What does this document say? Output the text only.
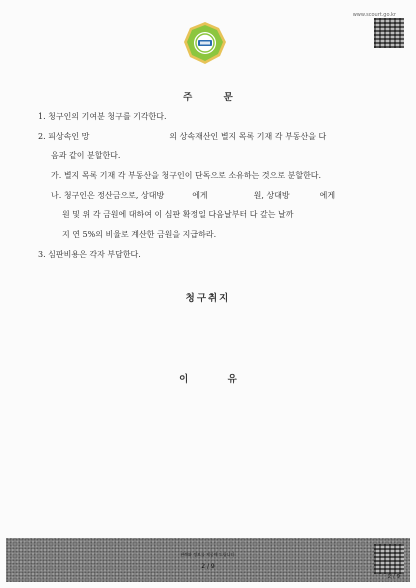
www.scourt.go.kr
주 문
1. 청구인의 기여분 청구를 기각한다.
2. 피상속인 망	의 상속재산인 별지 목록 기재 각 부동산을 다
음과 같이 분할한다.
가. 별지 목록 기재 각 부동산을 청구인이 단독으로 소유하는 것으로 분할한다.
나. 청구인은 정산금으로, 상대방	에게	원, 상대방	에게
원 및 위 각 금원에 대하여 이 심판 확정일 다음날부터 다 갚는 날까
지 연 5%의 비율로 계산한 금원을 지급하라.
3. 심판비용은 각자 부담한다.
청구취지
이 유
판례와 정보를 제공해 드립니다.
2 / 9
2 / 9
